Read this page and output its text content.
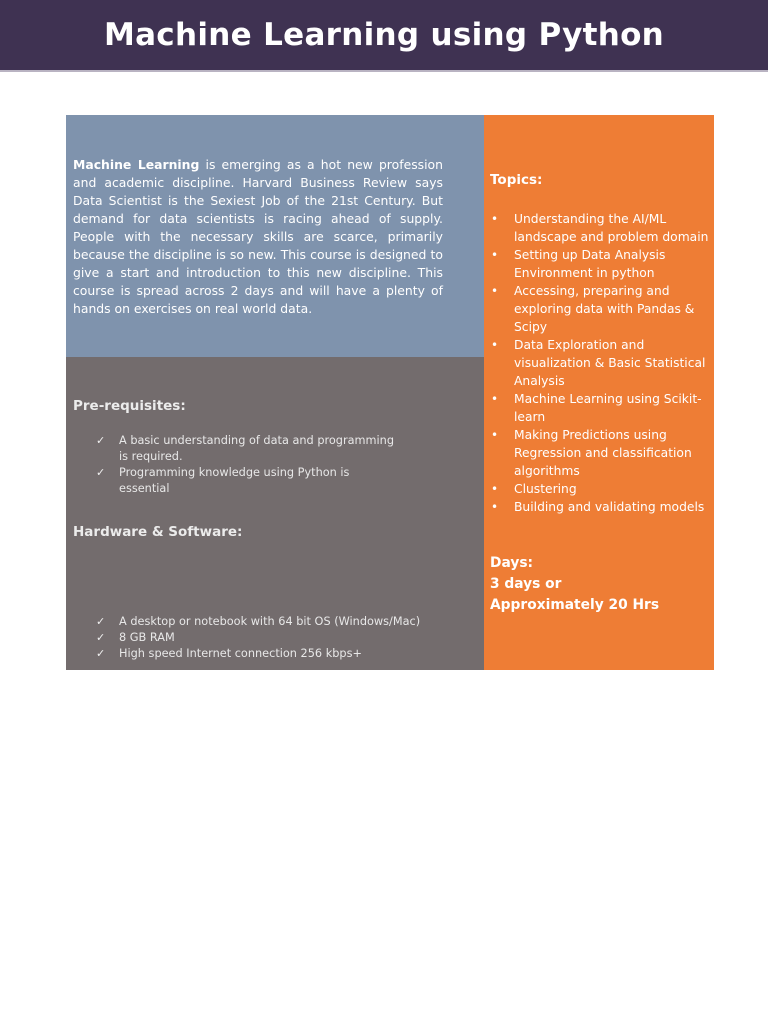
Machine Learning using Python

Machine Learning is emerging as a hot new profession and academic discipline. Harvard Business Review says Data Scientist is the Sexiest Job of the 21st Century. But demand for data scientists is racing ahead of supply. People with the necessary skills are scarce, primarily because the discipline is so new. This course is designed to give a start and introduction to this new discipline. This course is spread across 2 days and will have a plenty of hands on exercises on real world data.

Pre-requisites:
✓ A basic understanding of data and programming is required.
✓ Programming knowledge using Python is essential
Hardware & Software:
✓ A desktop or notebook with 64 bit OS (Windows/Mac)
✓ 8 GB RAM
✓ High speed Internet connection 256 kbps+
Topics:
• Understanding the AI/ML landscape and problem domain
• Setting up Data Analysis Environment in python
• Accessing, preparing and exploring data with Pandas & Scipy
• Data Exploration and visualization & Basic Statistical Analysis
• Machine Learning using Scikit-learn
• Making Predictions using Regression and classification algorithms
• Clustering
• Building and validating models
Days:
3 days or
Approximately 20 Hrs
